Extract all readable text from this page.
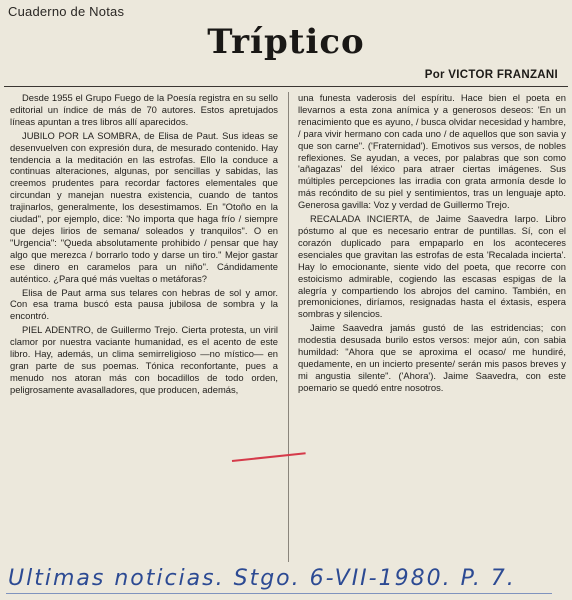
Cuaderno de Notas
Tríptico
Por VICTOR FRANZANI

Desde 1955 el Grupo Fuego de la Poesía registra en su sello editorial un índice de más de 70 autores. Estos apretujados líneas apuntan a tres libros allí aparecidos.

JUBILO POR LA SOMBRA, de Elisa de Paut. Sus ideas se desenvuelven con expresión dura, de mesurado contenido. Hay tendencia a la meditación en las estrofas. Ello la conduce a continuas alteraciones, algunas, por sencillas y sabidas, las creemos prudentes para recordar factores elementales que circundan y manejan nuestra existencia, cuando de tantos trajinarlos, generalmente, los desestimamos. En "Otoño en la ciudad", por ejemplo, dice: 'No importa que haga frío / siempre que dejes lirios de semana/ soleados y tranquilos". O en "Urgencia": "Queda absolutamente prohibido / pensar que hay algo que merezca / borrarlo todo y darse un tiro." Mejor gastar ese dinero en caramelos para un niño". Cándidamente auténtico. ¿Para qué más vueltas o metáforas?

Elisa de Paut arma sus telares con hebras de sol y amor. Con esa trama buscó esta pausa jubilosa de sombra y la encontró.

PIEL ADENTRO, de Guillermo Trejo. Cierta protesta, un viril clamor por nuestra vaciante humanidad, es el acento de este libro. Hay, además, un clima semirreligioso —no místico— en gran parte de sus poemas. Tónica reconfortante, pues a menudo nos atoran más con bocadillos de todo orden, peligrosamente avasalladores, que producen, además,

una funesta vaderosis del espíritu. Hace bien el poeta en llevarnos a esta zona anímica y a generosos deseos: 'En un renacimiento que es ayuno, / busca olvidar necesidad y hambre, / para vivir hermano con cada uno / de aquellos que son savia y que son carne". ('Fraternidad'). Emotivos sus versos, de nobles reflexiones. Se ayudan, a veces, por palabras que son como 'añagazas' del léxico para atraer ciertas imágenes. Sus múltiples percepciones las irradia con grata armonía desde lo más recóndito de su piel y sentimientos, tras un lenguaje apto. Generosa gavilla: Voz y verdad de Guillermo Trejo.

RECALADA INCIERTA, de Jaime Saavedra Iarpo. Libro póstumo al que es necesario entrar de puntillas. Sí, con el corazón duplicado para empaparlo en los aconteceres esenciales que gravitan las estrofas de esta 'Recalada incierta'. Hay lo emocionante, siente vido del poeta, que recorre con estoicismo admirable, cogiendo las escasas espigas de la alegría y compartiendo los abrojos del camino. También, en premoniciones, diríamos, resignadas hasta el éxtasis, espera sombras y silencios.

Jaime Saavedra jamás gustó de las estridencias; con modestia desusada burilo estos versos: mejor aún, con sabia humildad: "Ahora que se aproxima el ocaso/ me hundiré, quedamente, en un incierto presente/ serán mis pasos breves y mi angustia silente". ('Ahora'). Jaime Saavedra, con este poemario se quedó entre nosotros.

Ultimas noticias. Stgo. 6-VII-1980. P. 7.
